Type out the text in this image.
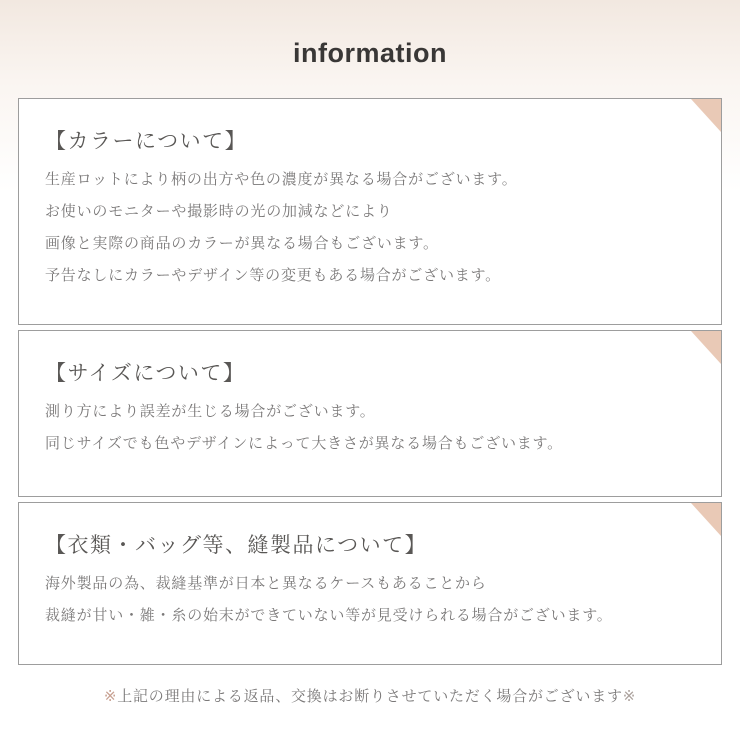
information
【カラーについて】

生産ロットにより柄の出方や色の濃度が異なる場合がございます。

お使いのモニターや撮影時の光の加減などにより

画像と実際の商品のカラーが異なる場合もございます。

予告なしにカラーやデザイン等の変更もある場合がございます。

【サイズについて】

測り方により誤差が生じる場合がございます。

同じサイズでも色やデザインによって大きさが異なる場合もございます。

【衣類・バッグ等、縫製品について】

海外製品の為、裁縫基準が日本と異なるケースもあることから

裁縫が甘い・雑・糸の始末ができていない等が見受けられる場合がございます。

※上記の理由による返品、交換はお断りさせていただく場合がございます※
